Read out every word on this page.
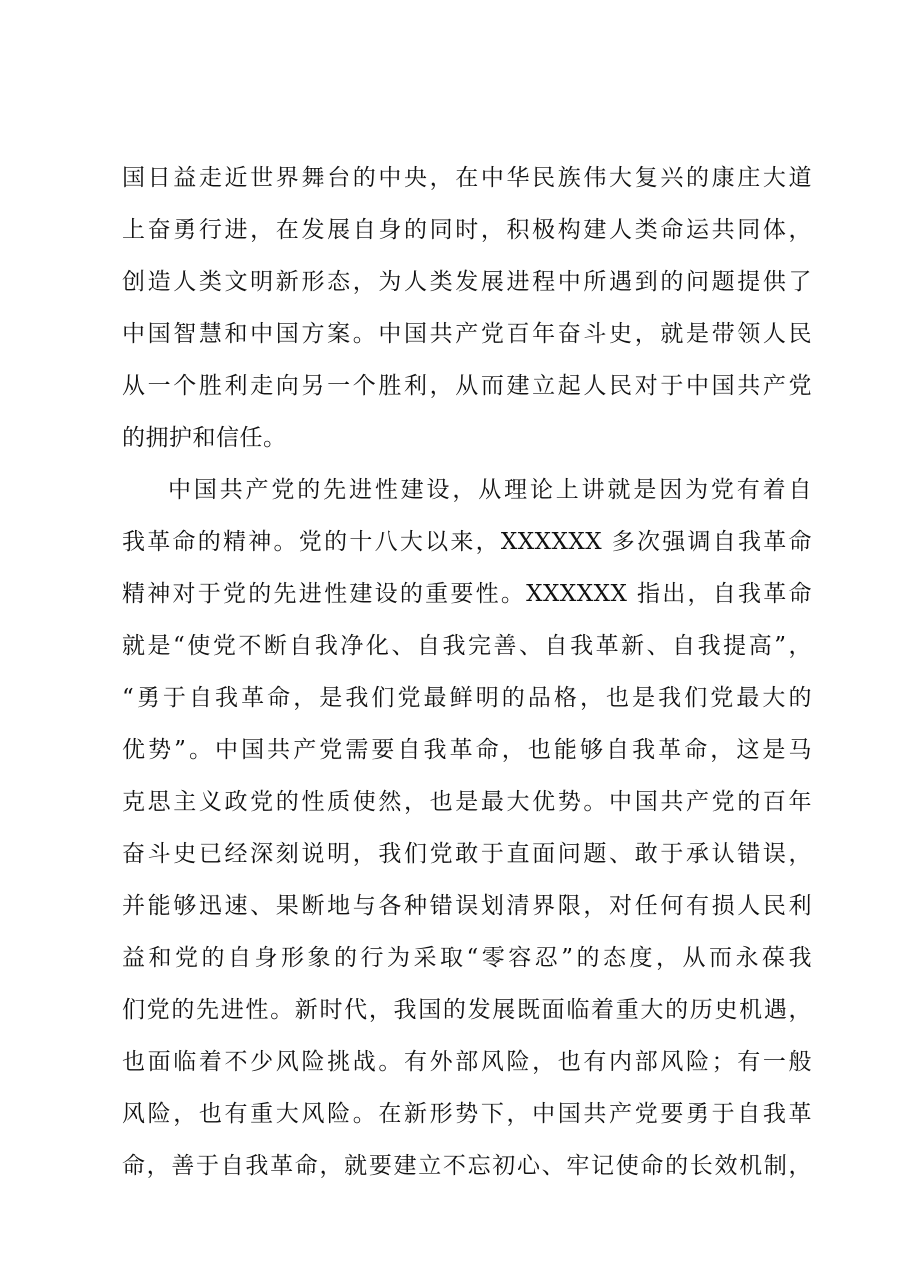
国日益走近世界舞台的中央，在中华民族伟大复兴的康庄大道
上奋勇行进，在发展自身的同时，积极构建人类命运共同体，
创造人类文明新形态，为人类发展进程中所遇到的问题提供了
中国智慧和中国方案。中国共产党百年奋斗史，就是带领人民
从一个胜利走向另一个胜利，从而建立起人民对于中国共产党
的拥护和信任。
中国共产党的先进性建设，从理论上讲就是因为党有着自
我革命的精神。党的十八大以来，XXXXXX 多次强调自我革命
精神对于党的先进性建设的重要性。XXXXXX 指出，自我革命
就是“使党不断自我净化、自我完善、自我革新、自我提高”，
“勇于自我革命，是我们党最鲜明的品格，也是我们党最大的
优势”。中国共产党需要自我革命，也能够自我革命，这是马
克思主义政党的性质使然，也是最大优势。中国共产党的百年
奋斗史已经深刻说明，我们党敢于直面问题、敢于承认错误，
并能够迅速、果断地与各种错误划清界限，对任何有损人民利
益和党的自身形象的行为采取“零容忍”的态度，从而永葆我
们党的先进性。新时代，我国的发展既面临着重大的历史机遇，
也面临着不少风险挑战。有外部风险，也有内部风险；有一般
风险，也有重大风险。在新形势下，中国共产党要勇于自我革
命，善于自我革命，就要建立不忘初心、牢记使命的长效机制，
